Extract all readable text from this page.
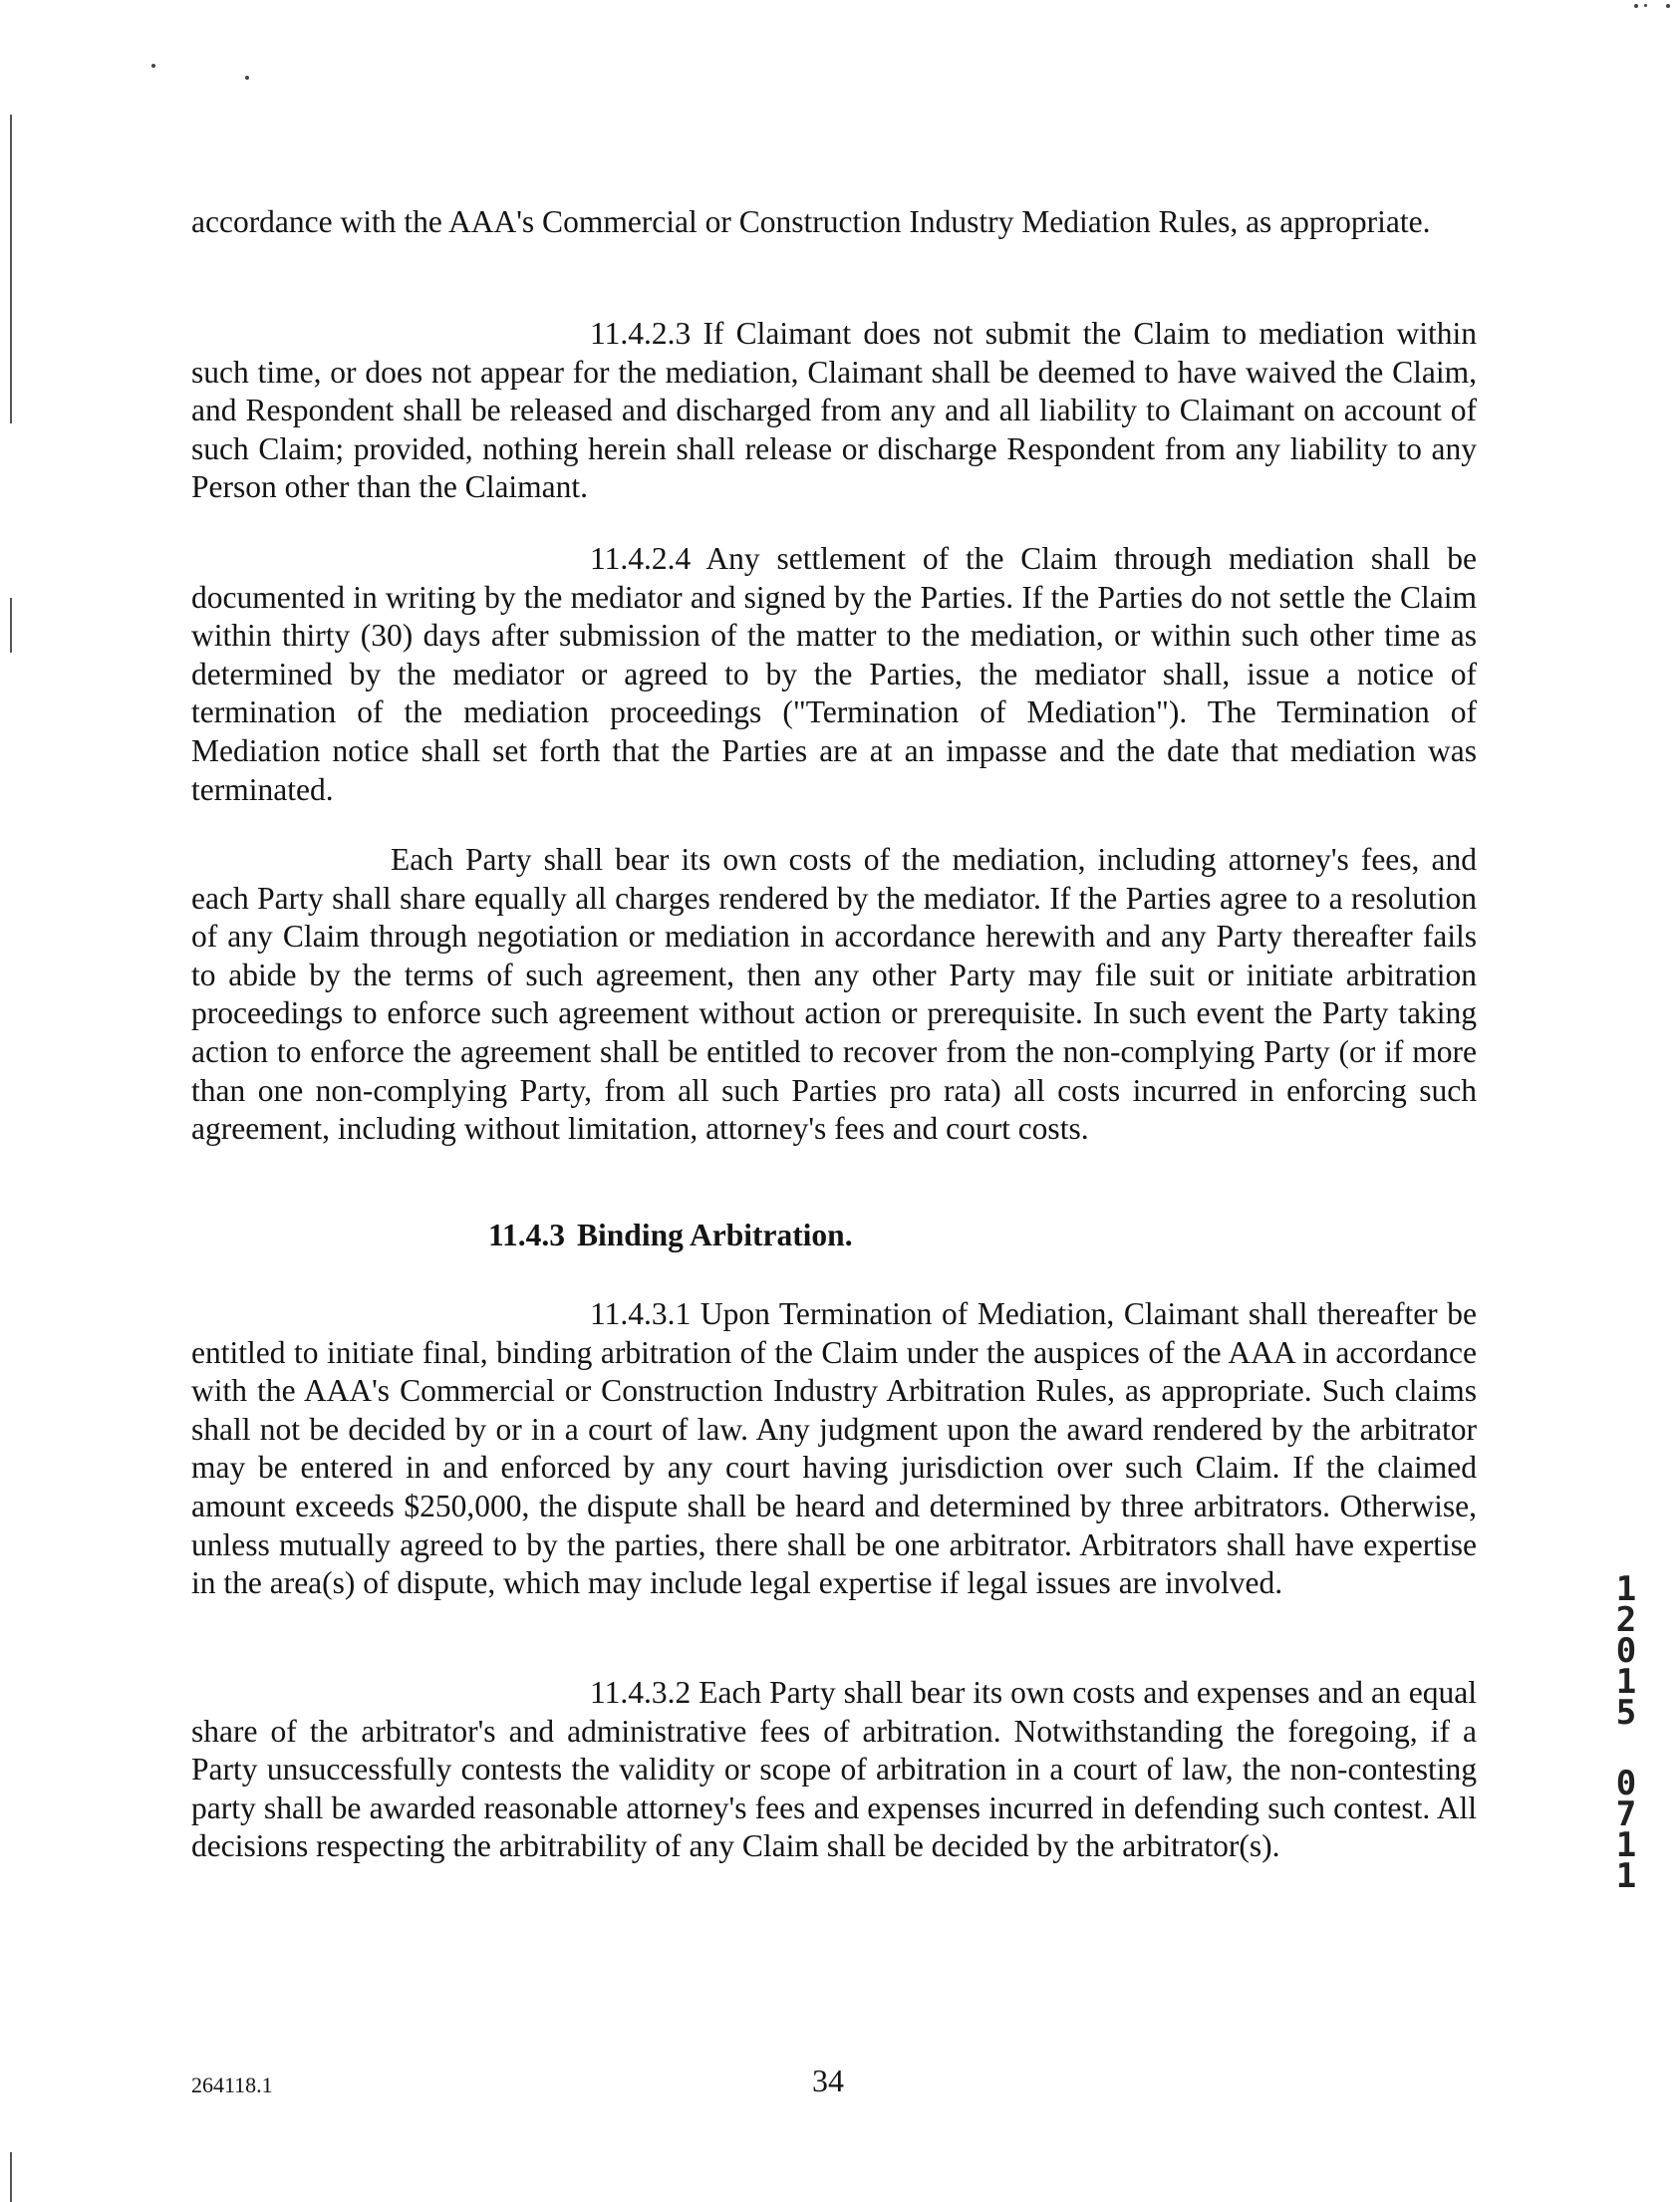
accordance with the AAA's Commercial or Construction Industry Mediation Rules, as appropriate.

11.4.2.3 If Claimant does not submit the Claim to mediation within such time, or does not appear for the mediation, Claimant shall be deemed to have waived the Claim, and Respondent shall be released and discharged from any and all liability to Claimant on account of such Claim; provided, nothing herein shall release or discharge Respondent from any liability to any Person other than the Claimant.

11.4.2.4 Any settlement of the Claim through mediation shall be documented in writing by the mediator and signed by the Parties. If the Parties do not settle the Claim within thirty (30) days after submission of the matter to the mediation, or within such other time as determined by the mediator or agreed to by the Parties, the mediator shall, issue a notice of termination of the mediation proceedings ("Termination of Mediation"). The Termination of Mediation notice shall set forth that the Parties are at an impasse and the date that mediation was terminated.

Each Party shall bear its own costs of the mediation, including attorney's fees, and each Party shall share equally all charges rendered by the mediator. If the Parties agree to a resolution of any Claim through negotiation or mediation in accordance herewith and any Party thereafter fails to abide by the terms of such agreement, then any other Party may file suit or initiate arbitration proceedings to enforce such agreement without action or prerequisite. In such event the Party taking action to enforce the agreement shall be entitled to recover from the non-complying Party (or if more than one non-complying Party, from all such Parties pro rata) all costs incurred in enforcing such agreement, including without limitation, attorney's fees and court costs.

11.4.3 Binding Arbitration.

11.4.3.1 Upon Termination of Mediation, Claimant shall thereafter be entitled to initiate final, binding arbitration of the Claim under the auspices of the AAA in accordance with the AAA's Commercial or Construction Industry Arbitration Rules, as appropriate. Such claims shall not be decided by or in a court of law. Any judgment upon the award rendered by the arbitrator may be entered in and enforced by any court having jurisdiction over such Claim. If the claimed amount exceeds $250,000, the dispute shall be heard and determined by three arbitrators. Otherwise, unless mutually agreed to by the parties, there shall be one arbitrator. Arbitrators shall have expertise in the area(s) of dispute, which may include legal expertise if legal issues are involved.

11.4.3.2 Each Party shall bear its own costs and expenses and an equal share of the arbitrator's and administrative fees of arbitration. Notwithstanding the foregoing, if a Party unsuccessfully contests the validity or scope of arbitration in a court of law, the non-contesting party shall be awarded reasonable attorney's fees and expenses incurred in defending such contest. All decisions respecting the arbitrability of any Claim shall be decided by the arbitrator(s).

264118.1	34
1
2
0
1
5
0
7
1
1
